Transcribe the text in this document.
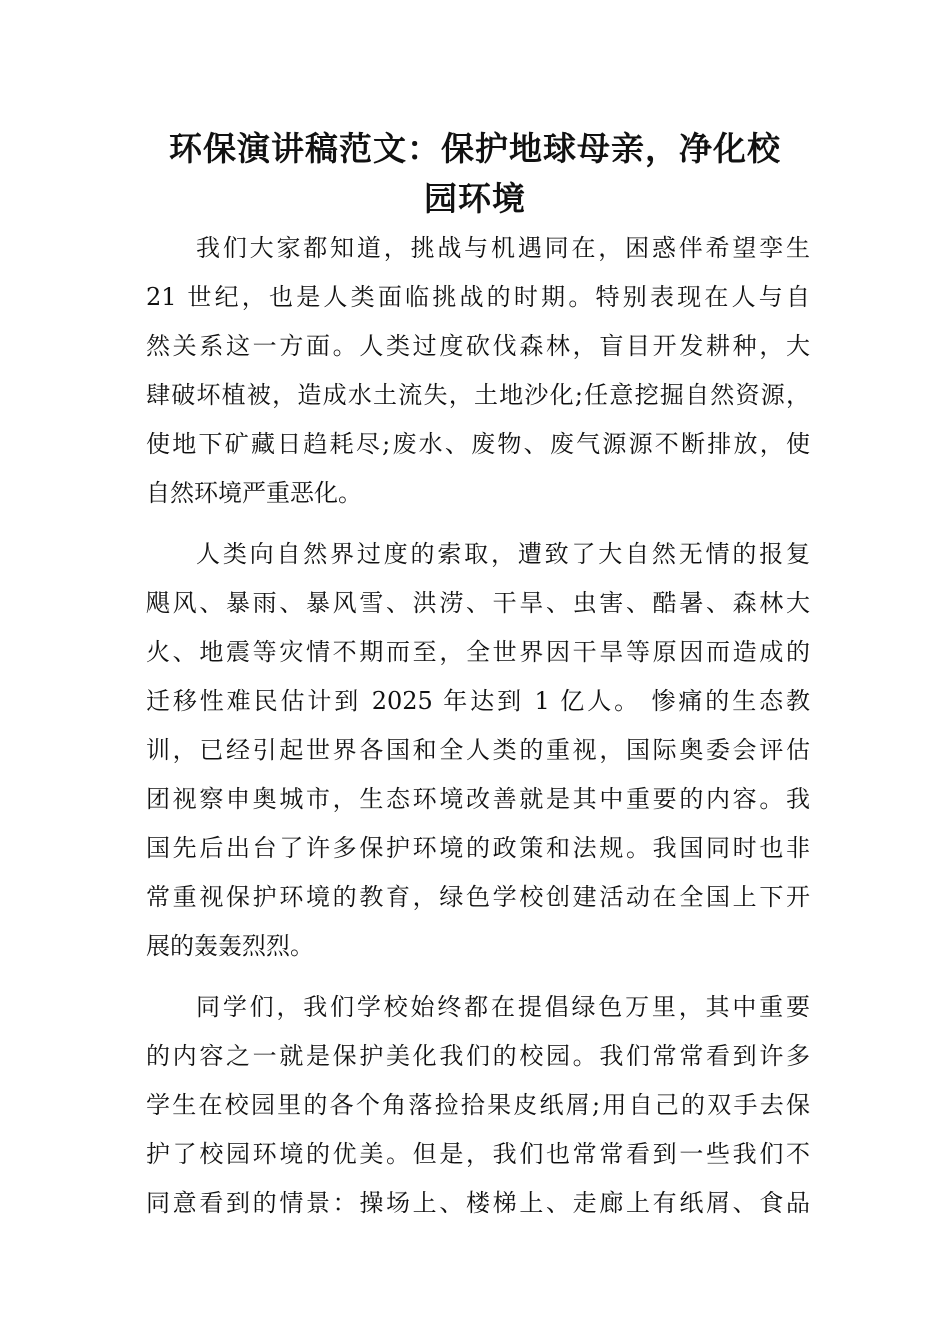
环保演讲稿范文：保护地球母亲，净化校
园环境
我们大家都知道，挑战与机遇同在，困惑伴希望孪生
21 世纪，也是人类面临挑战的时期。特别表现在人与自
然关系这一方面。人类过度砍伐森林，盲目开发耕种，大
肆破坏植被，造成水土流失，土地沙化;任意挖掘自然资源，
使地下矿藏日趋耗尽;废水、废物、废气源源不断排放，使
自然环境严重恶化。
人类向自然界过度的索取，遭致了大自然无情的报复
飓风、暴雨、暴风雪、洪涝、干旱、虫害、酷暑、森林大
火、地震等灾情不期而至，全世界因干旱等原因而造成的
迁移性难民估计到 2025 年达到 1 亿人。 惨痛的生态教
训，已经引起世界各国和全人类的重视，国际奥委会评估
团视察申奥城市，生态环境改善就是其中重要的内容。我
国先后出台了许多保护环境的政策和法规。我国同时也非
常重视保护环境的教育，绿色学校创建活动在全国上下开
展的轰轰烈烈。
同学们，我们学校始终都在提倡绿色万里，其中重要
的内容之一就是保护美化我们的校园。我们常常看到许多
学生在校园里的各个角落捡拾果皮纸屑;用自己的双手去保
护了校园环境的优美。但是，我们也常常看到一些我们不
同意看到的情景：操场上、楼梯上、走廊上有纸屑、食品
